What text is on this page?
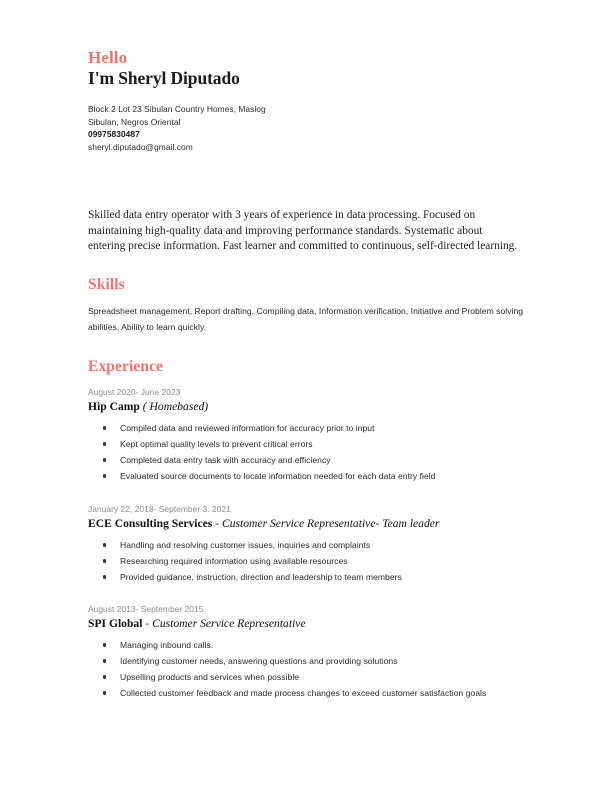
Hello
I'm Sheryl Diputado
Block 2 Lot 23 Sibulan Country Homes, Maslog
Sibulan, Negros Oriental
09975830487
sheryl.diputado@gmail.com
Skilled data entry operator with 3 years of experience in data processing. Focused on maintaining high-quality data and improving performance standards. Systematic about entering precise information. Fast learner and committed to continuous, self-directed learning.
Skills
Spreadsheet management, Report drafting, Compiling data, Information verification, Initiative and Problem solving abilities, Ability to learn quickly.
Experience
August 2020- June 2023
Hip Camp ( Homebased)
Compiled data and reviewed information for accuracy prior to input
Kept optimal quality levels to prevent critical errors
Completed data entry task with accuracy and efficiency
Evaluated source documents to locate information needed for each data entry field
January 22, 2018- September 3. 2021
ECE Consulting Services - Customer Service Representative- Team leader
Handling and resolving customer issues, inquiries and complaints
Researching required information using available resources
Provided guidance, instruction, direction and leadership to team members
August 2013- September 2015
SPI Global - Customer Service Representative
Managing inbound calls.
Identifying customer needs, answering questions and providing solutions
Upselling products and services when possible
Collected customer feedback and made process changes to exceed customer satisfaction goals
